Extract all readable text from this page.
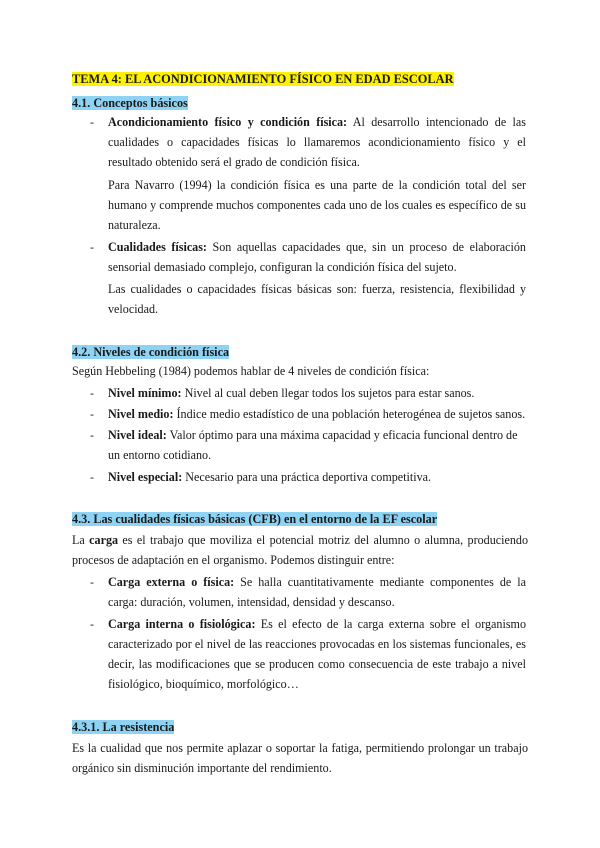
TEMA 4: EL ACONDICIONAMIENTO FÍSICO EN EDAD ESCOLAR
4.1. Conceptos básicos
- Acondicionamiento físico y condición física: Al desarrollo intencionado de las
cualidades o capacidades físicas lo llamaremos acondicionamiento físico y el
resultado obtenido será el grado de condición física.
Para Navarro (1994) la condición física es una parte de la condición total del ser
humano y comprende muchos componentes cada uno de los cuales es específico de su
naturaleza.
- Cualidades físicas: Son aquellas capacidades que, sin un proceso de elaboración
sensorial demasiado complejo, configuran la condición física del sujeto.
Las cualidades o capacidades físicas básicas son: fuerza, resistencia, flexibilidad y
velocidad.
4.2. Niveles de condición física
Según Hebbeling (1984) podemos hablar de 4 niveles de condición física:
- Nivel mínimo: Nivel al cual deben llegar todos los sujetos para estar sanos.
- Nivel medio: Índice medio estadístico de una población heterogénea de sujetos sanos.
- Nivel ideal: Valor óptimo para una máxima capacidad y eficacia funcional dentro de
un entorno cotidiano.
- Nivel especial: Necesario para una práctica deportiva competitiva.
4.3. Las cualidades físicas básicas (CFB) en el entorno de la EF escolar
La carga es el trabajo que moviliza el potencial motriz del alumno o alumna, produciendo
procesos de adaptación en el organismo. Podemos distinguir entre:
- Carga externa o física: Se halla cuantitativamente mediante componentes de la
carga: duración, volumen, intensidad, densidad y descanso.
- Carga interna o fisiológica: Es el efecto de la carga externa sobre el organismo
caracterizado por el nivel de las reacciones provocadas en los sistemas funcionales, es
decir, las modificaciones que se producen como consecuencia de este trabajo a nivel
fisiológico, bioquímico, morfológico…
4.3.1. La resistencia
Es la cualidad que nos permite aplazar o soportar la fatiga, permitiendo prolongar un trabajo
orgánico sin disminución importante del rendimiento.
